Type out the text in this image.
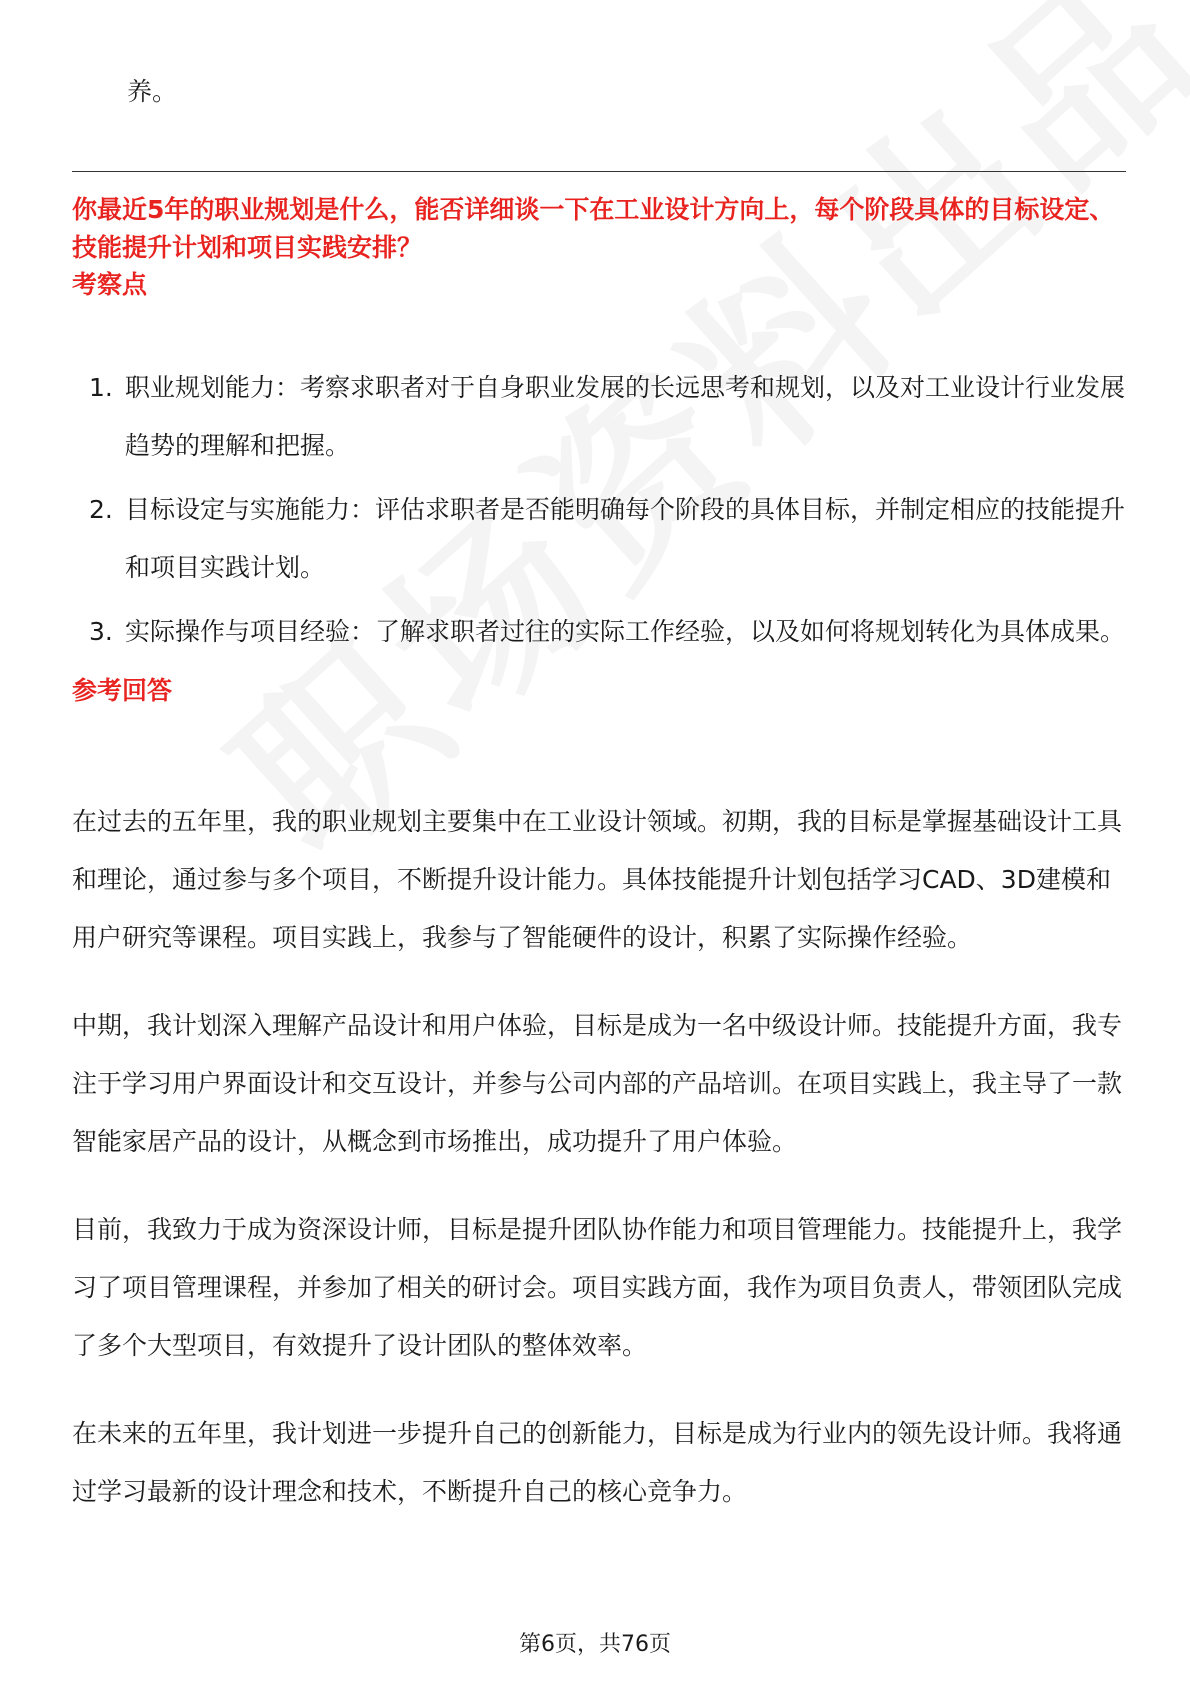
养。
你最近5年的职业规划是什么，能否详细谈一下在工业设计方向上，每个阶段具体的目标设定、技能提升计划和项目实践安排？
考察点
1. 职业规划能力：考察求职者对于自身职业发展的长远思考和规划，以及对工业设计行业发展趋势的理解和把握。
2. 目标设定与实施能力：评估求职者是否能明确每个阶段的具体目标，并制定相应的技能提升和项目实践计划。
3. 实际操作与项目经验：了解求职者过往的实际工作经验，以及如何将规划转化为具体成果。
参考回答

在过去的五年里，我的职业规划主要集中在工业设计领域。初期，我的目标是掌握基础设计工具和理论，通过参与多个项目，不断提升设计能力。具体技能提升计划包括学习CAD、3D建模和用户研究等课程。项目实践上，我参与了智能硬件的设计，积累了实际操作经验。

中期，我计划深入理解产品设计和用户体验，目标是成为一名中级设计师。技能提升方面，我专注于学习用户界面设计和交互设计，并参与公司内部的产品培训。在项目实践上，我主导了一款智能家居产品的设计，从概念到市场推出，成功提升了用户体验。

目前，我致力于成为资深设计师，目标是提升团队协作能力和项目管理能力。技能提升上，我学习了项目管理课程，并参加了相关的研讨会。项目实践方面，我作为项目负责人，带领团队完成了多个大型项目，有效提升了设计团队的整体效率。

在未来的五年里，我计划进一步提升自己的创新能力，目标是成为行业内的领先设计师。我将通过学习最新的设计理念和技术，不断提升自己的核心竞争力。

第6页，共76页
